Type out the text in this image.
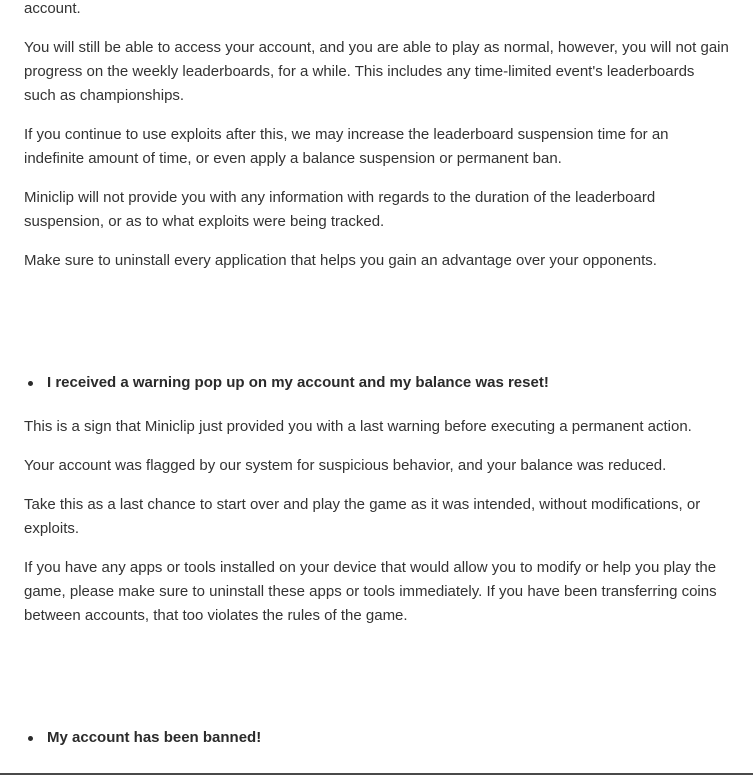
account.

You will still be able to access your account, and you are able to play as normal, however, you will not gain progress on the weekly leaderboards, for a while. This includes any time-limited event's leaderboards such as championships.

If you continue to use exploits after this, we may increase the leaderboard suspension time for an indefinite amount of time, or even apply a balance suspension or permanent ban.

Miniclip will not provide you with any information with regards to the duration of the leaderboard suspension, or as to what exploits were being tracked.

Make sure to uninstall every application that helps you gain an advantage over your opponents.

I received a warning pop up on my account and my balance was reset!

This is a sign that Miniclip just provided you with a last warning before executing a permanent action.

Your account was flagged by our system for suspicious behavior, and your balance was reduced.

Take this as a last chance to start over and play the game as it was intended, without modifications, or exploits.

If you have any apps or tools installed on your device that would allow you to modify or help you play the game, please make sure to uninstall these apps or tools immediately. If you have been transferring coins between accounts, that too violates the rules of the game.

My account has been banned!
